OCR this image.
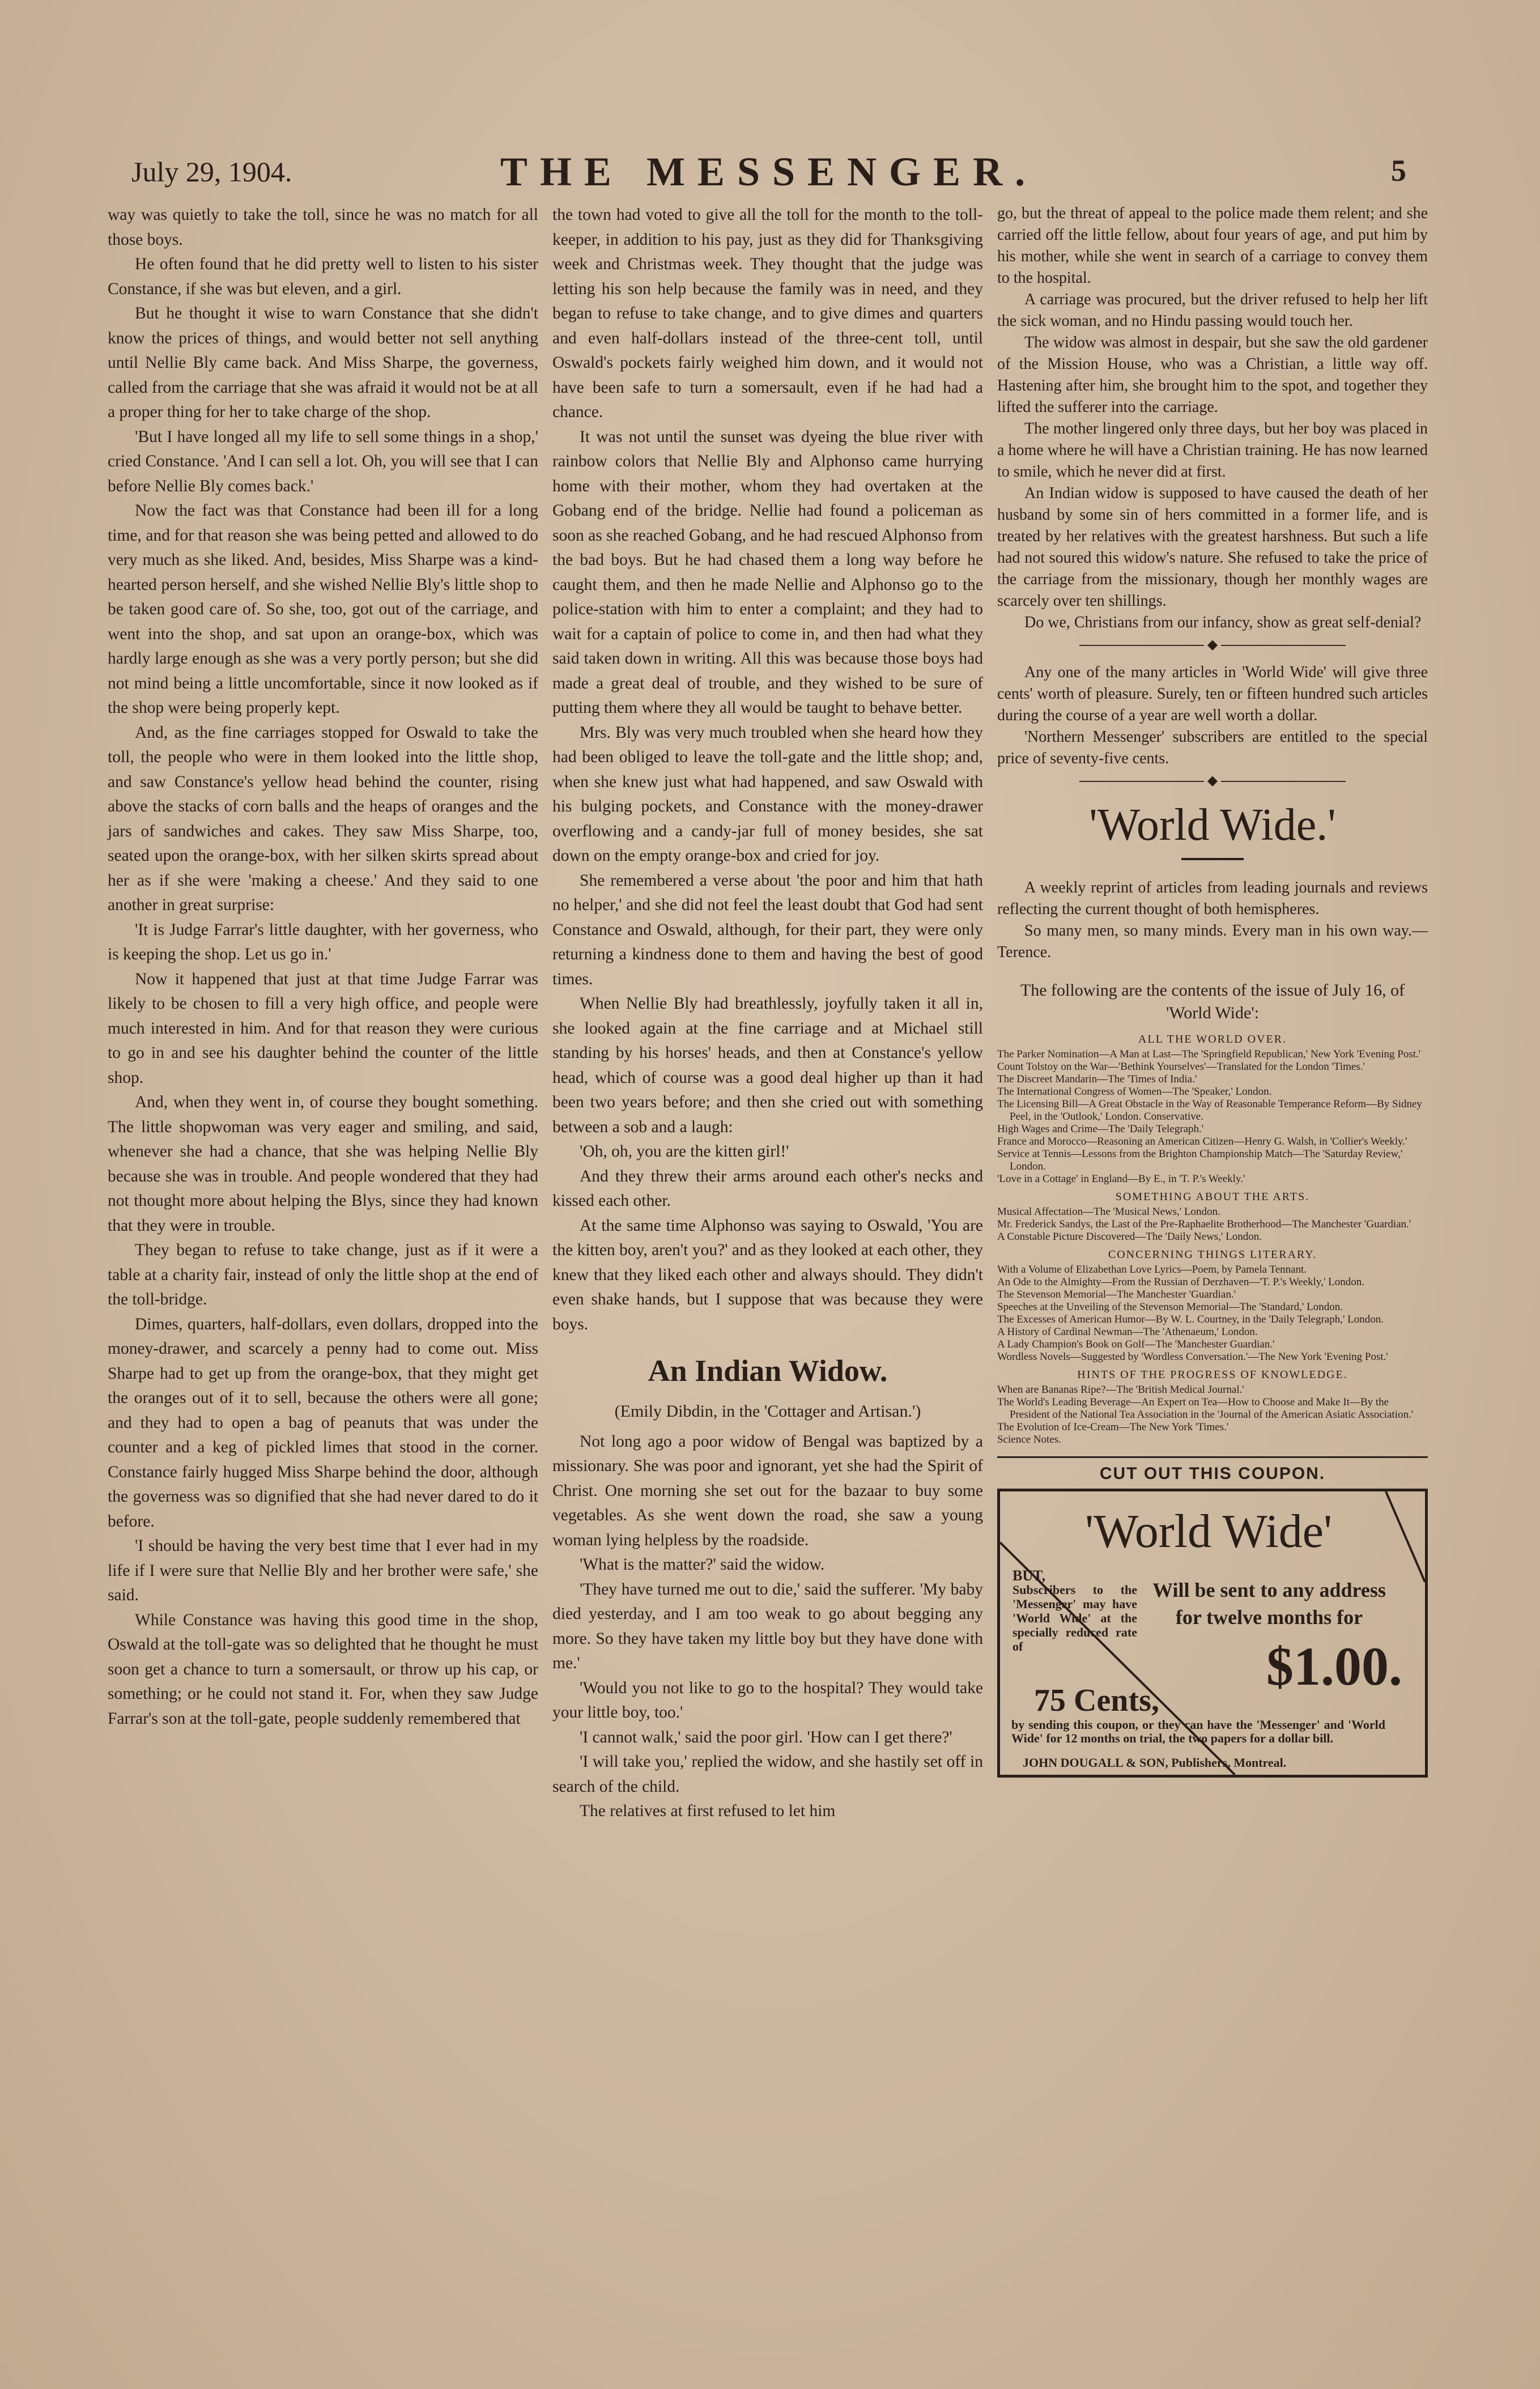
July 29, 1904.	THE MESSENGER.	5

way was quietly to take the toll, since he was no match for all those boys.

He often found that he did pretty well to listen to his sister Constance, if she was but eleven, and a girl.

But he thought it wise to warn Constance that she didn't know the prices of things, and would better not sell anything until Nellie Bly came back. And Miss Sharpe, the governess, called from the carriage that she was afraid it would not be at all a proper thing for her to take charge of the shop.

'But I have longed all my life to sell some things in a shop,' cried Constance. 'And I can sell a lot. Oh, you will see that I can before Nellie Bly comes back.'

Now the fact was that Constance had been ill for a long time, and for that reason she was being petted and allowed to do very much as she liked. And, besides, Miss Sharpe was a kind-hearted person herself, and she wished Nellie Bly's little shop to be taken good care of. So she, too, got out of the carriage, and went into the shop, and sat upon an orange-box, which was hardly large enough as she was a very portly person; but she did not mind being a little uncomfortable, since it now looked as if the shop were being properly kept.

And, as the fine carriages stopped for Oswald to take the toll, the people who were in them looked into the little shop, and saw Constance's yellow head behind the counter, rising above the stacks of corn balls and the heaps of oranges and the jars of sandwiches and cakes. They saw Miss Sharpe, too, seated upon the orange-box, with her silken skirts spread about her as if she were 'making a cheese.' And they said to one another in great surprise:

'It is Judge Farrar's little daughter, with her governess, who is keeping the shop. Let us go in.'

Now it happened that just at that time Judge Farrar was likely to be chosen to fill a very high office, and people were much interested in him. And for that reason they were curious to go in and see his daughter behind the counter of the little shop.

And, when they went in, of course they bought something. The little shopwoman was very eager and smiling, and said, whenever she had a chance, that she was helping Nellie Bly because she was in trouble. And people wondered that they had not thought more about helping the Blys, since they had known that they were in trouble.

They began to refuse to take change, just as if it were a table at a charity fair, instead of only the little shop at the end of the toll-bridge.

Dimes, quarters, half-dollars, even dollars, dropped into the money-drawer, and scarcely a penny had to come out. Miss Sharpe had to get up from the orange-box, that they might get the oranges out of it to sell, because the others were all gone; and they had to open a bag of peanuts that was under the counter and a keg of pickled limes that stood in the corner. Constance fairly hugged Miss Sharpe behind the door, although the governess was so dignified that she had never dared to do it before.

'I should be having the very best time that I ever had in my life if I were sure that Nellie Bly and her brother were safe,' she said.

While Constance was having this good time in the shop, Oswald at the toll-gate was so delighted that he thought he must soon get a chance to turn a somersault, or throw up his cap, or something; or he could not stand it. For, when they saw Judge Farrar's son at the toll-gate, people suddenly remembered that

the town had voted to give all the toll for the month to the toll-keeper, in addition to his pay, just as they did for Thanksgiving week and Christmas week. They thought that the judge was letting his son help because the family was in need, and they began to refuse to take change, and to give dimes and quarters and even half-dollars instead of the three-cent toll, until Oswald's pockets fairly weighed him down, and it would not have been safe to turn a somersault, even if he had had a chance.

It was not until the sunset was dyeing the blue river with rainbow colors that Nellie Bly and Alphonso came hurrying home with their mother, whom they had overtaken at the Gobang end of the bridge. Nellie had found a policeman as soon as she reached Gobang, and he had rescued Alphonso from the bad boys. But he had chased them a long way before he caught them, and then he made Nellie and Alphonso go to the police-station with him to enter a complaint; and they had to wait for a captain of police to come in, and then had what they said taken down in writing. All this was because those boys had made a great deal of trouble, and they wished to be sure of putting them where they all would be taught to behave better.

Mrs. Bly was very much troubled when she heard how they had been obliged to leave the toll-gate and the little shop; and, when she knew just what had happened, and saw Oswald with his bulging pockets, and Constance with the money-drawer overflowing and a candy-jar full of money besides, she sat down on the empty orange-box and cried for joy.

She remembered a verse about 'the poor and him that hath no helper,' and she did not feel the least doubt that God had sent Constance and Oswald, although, for their part, they were only returning a kindness done to them and having the best of good times.

When Nellie Bly had breathlessly, joyfully taken it all in, she looked again at the fine carriage and at Michael still standing by his horses' heads, and then at Constance's yellow head, which of course was a good deal higher up than it had been two years before; and then she cried out with something between a sob and a laugh:

'Oh, oh, you are the kitten girl!'

And they threw their arms around each other's necks and kissed each other.

At the same time Alphonso was saying to Oswald, 'You are the kitten boy, aren't you?' and as they looked at each other, they knew that they liked each other and always should. They didn't even shake hands, but I suppose that was because they were boys.

An Indian Widow.
(Emily Dibdin, in the 'Cottager and Artisan.')

Not long ago a poor widow of Bengal was baptized by a missionary. She was poor and ignorant, yet she had the Spirit of Christ. One morning she set out for the bazaar to buy some vegetables. As she went down the road, she saw a young woman lying helpless by the roadside.

'What is the matter?' said the widow.

'They have turned me out to die,' said the sufferer. 'My baby died yesterday, and I am too weak to go about begging any more. So they have taken my little boy but they have done with me.'

'Would you not like to go to the hospital? They would take your little boy, too.'

'I cannot walk,' said the poor girl. 'How can I get there?'

'I will take you,' replied the widow, and she hastily set off in search of the child.

The relatives at first refused to let him

go, but the threat of appeal to the police made them relent; and she carried off the little fellow, about four years of age, and put him by his mother, while she went in search of a carriage to convey them to the hospital.

A carriage was procured, but the driver refused to help her lift the sick woman, and no Hindu passing would touch her.

The widow was almost in despair, but she saw the old gardener of the Mission House, who was a Christian, a little way off. Hastening after him, she brought him to the spot, and together they lifted the sufferer into the carriage.

The mother lingered only three days, but her boy was placed in a home where he will have a Christian training. He has now learned to smile, which he never did at first.

An Indian widow is supposed to have caused the death of her husband by some sin of hers committed in a former life, and is treated by her relatives with the greatest harshness. But such a life had not soured this widow's nature. She refused to take the price of the carriage from the missionary, though her monthly wages are scarcely over ten shillings.

Do we, Christians from our infancy, show as great self-denial?

◆

Any one of the many articles in 'World Wide' will give three cents' worth of pleasure. Surely, ten or fifteen hundred such articles during the course of a year are well worth a dollar.

'Northern Messenger' subscribers are entitled to the special price of seventy-five cents.

◆
'World Wide.'

A weekly reprint of articles from leading journals and reviews reflecting the current thought of both hemispheres.

So many men, so many minds. Every man in his own way.—Terence.

The following are the contents of the issue of July 16, of 'World Wide':
ALL THE WORLD OVER.
The Parker Nomination—A Man at Last—The 'Springfield Republican,' New York 'Evening Post.'
Count Tolstoy on the War—'Bethink Yourselves'—Translated for the London 'Times.'
The Discreet Mandarin—The 'Times of India.'
The International Congress of Women—The 'Speaker,' London.
The Licensing Bill—A Great Obstacle in the Way of Reasonable Temperance Reform—By Sidney Peel, in the 'Outlook,' London. Conservative.
High Wages and Crime—The 'Daily Telegraph.'
France and Morocco—Reasoning an American Citizen—Henry G. Walsh, in 'Collier's Weekly.'
Service at Tennis—Lessons from the Brighton Championship Match—The 'Saturday Review,' London.
'Love in a Cottage' in England—By E., in 'T. P.'s Weekly.'
SOMETHING ABOUT THE ARTS.
Musical Affectation—The 'Musical News,' London.
Mr. Frederick Sandys, the Last of the Pre-Raphaelite Brotherhood—The Manchester 'Guardian.'
A Constable Picture Discovered—The 'Daily News,' London.
CONCERNING THINGS LITERARY.
With a Volume of Elizabethan Love Lyrics—Poem, by Pamela Tennant.
An Ode to the Almighty—From the Russian of Derzhaven—'T. P.'s Weekly,' London.
The Stevenson Memorial—The Manchester 'Guardian.'
Speeches at the Unveiling of the Stevenson Memorial—The 'Standard,' London.
The Excesses of American Humor—By W. L. Courtney, in the 'Daily Telegraph,' London.
A History of Cardinal Newman—The 'Athenaeum,' London.
A Lady Champion's Book on Golf—The 'Manchester Guardian.'
Wordless Novels—Suggested by 'Wordless Conversation.'—The New York 'Evening Post.'
HINTS OF THE PROGRESS OF KNOWLEDGE.
When are Bananas Ripe?—The 'British Medical Journal.'
The World's Leading Beverage—An Expert on Tea—How to Choose and Make It—By the President of the National Tea Association in the 'Journal of the American Asiatic Association.'
The Evolution of Ice-Cream—The New York 'Times.'
Science Notes.
CUT OUT THIS COUPON.
'World Wide'
Will be sent to any address for twelve months for
BUT,
Subscribers to the 'Messenger' may have 'World Wide' at the specially reduced rate of
75 Cents,
$1.00.
by sending this coupon, or they can have the 'Messenger' and 'World Wide' for 12 months on trial, the two papers for a dollar bill.
JOHN DOUGALL & SON, Publishers, Montreal.
